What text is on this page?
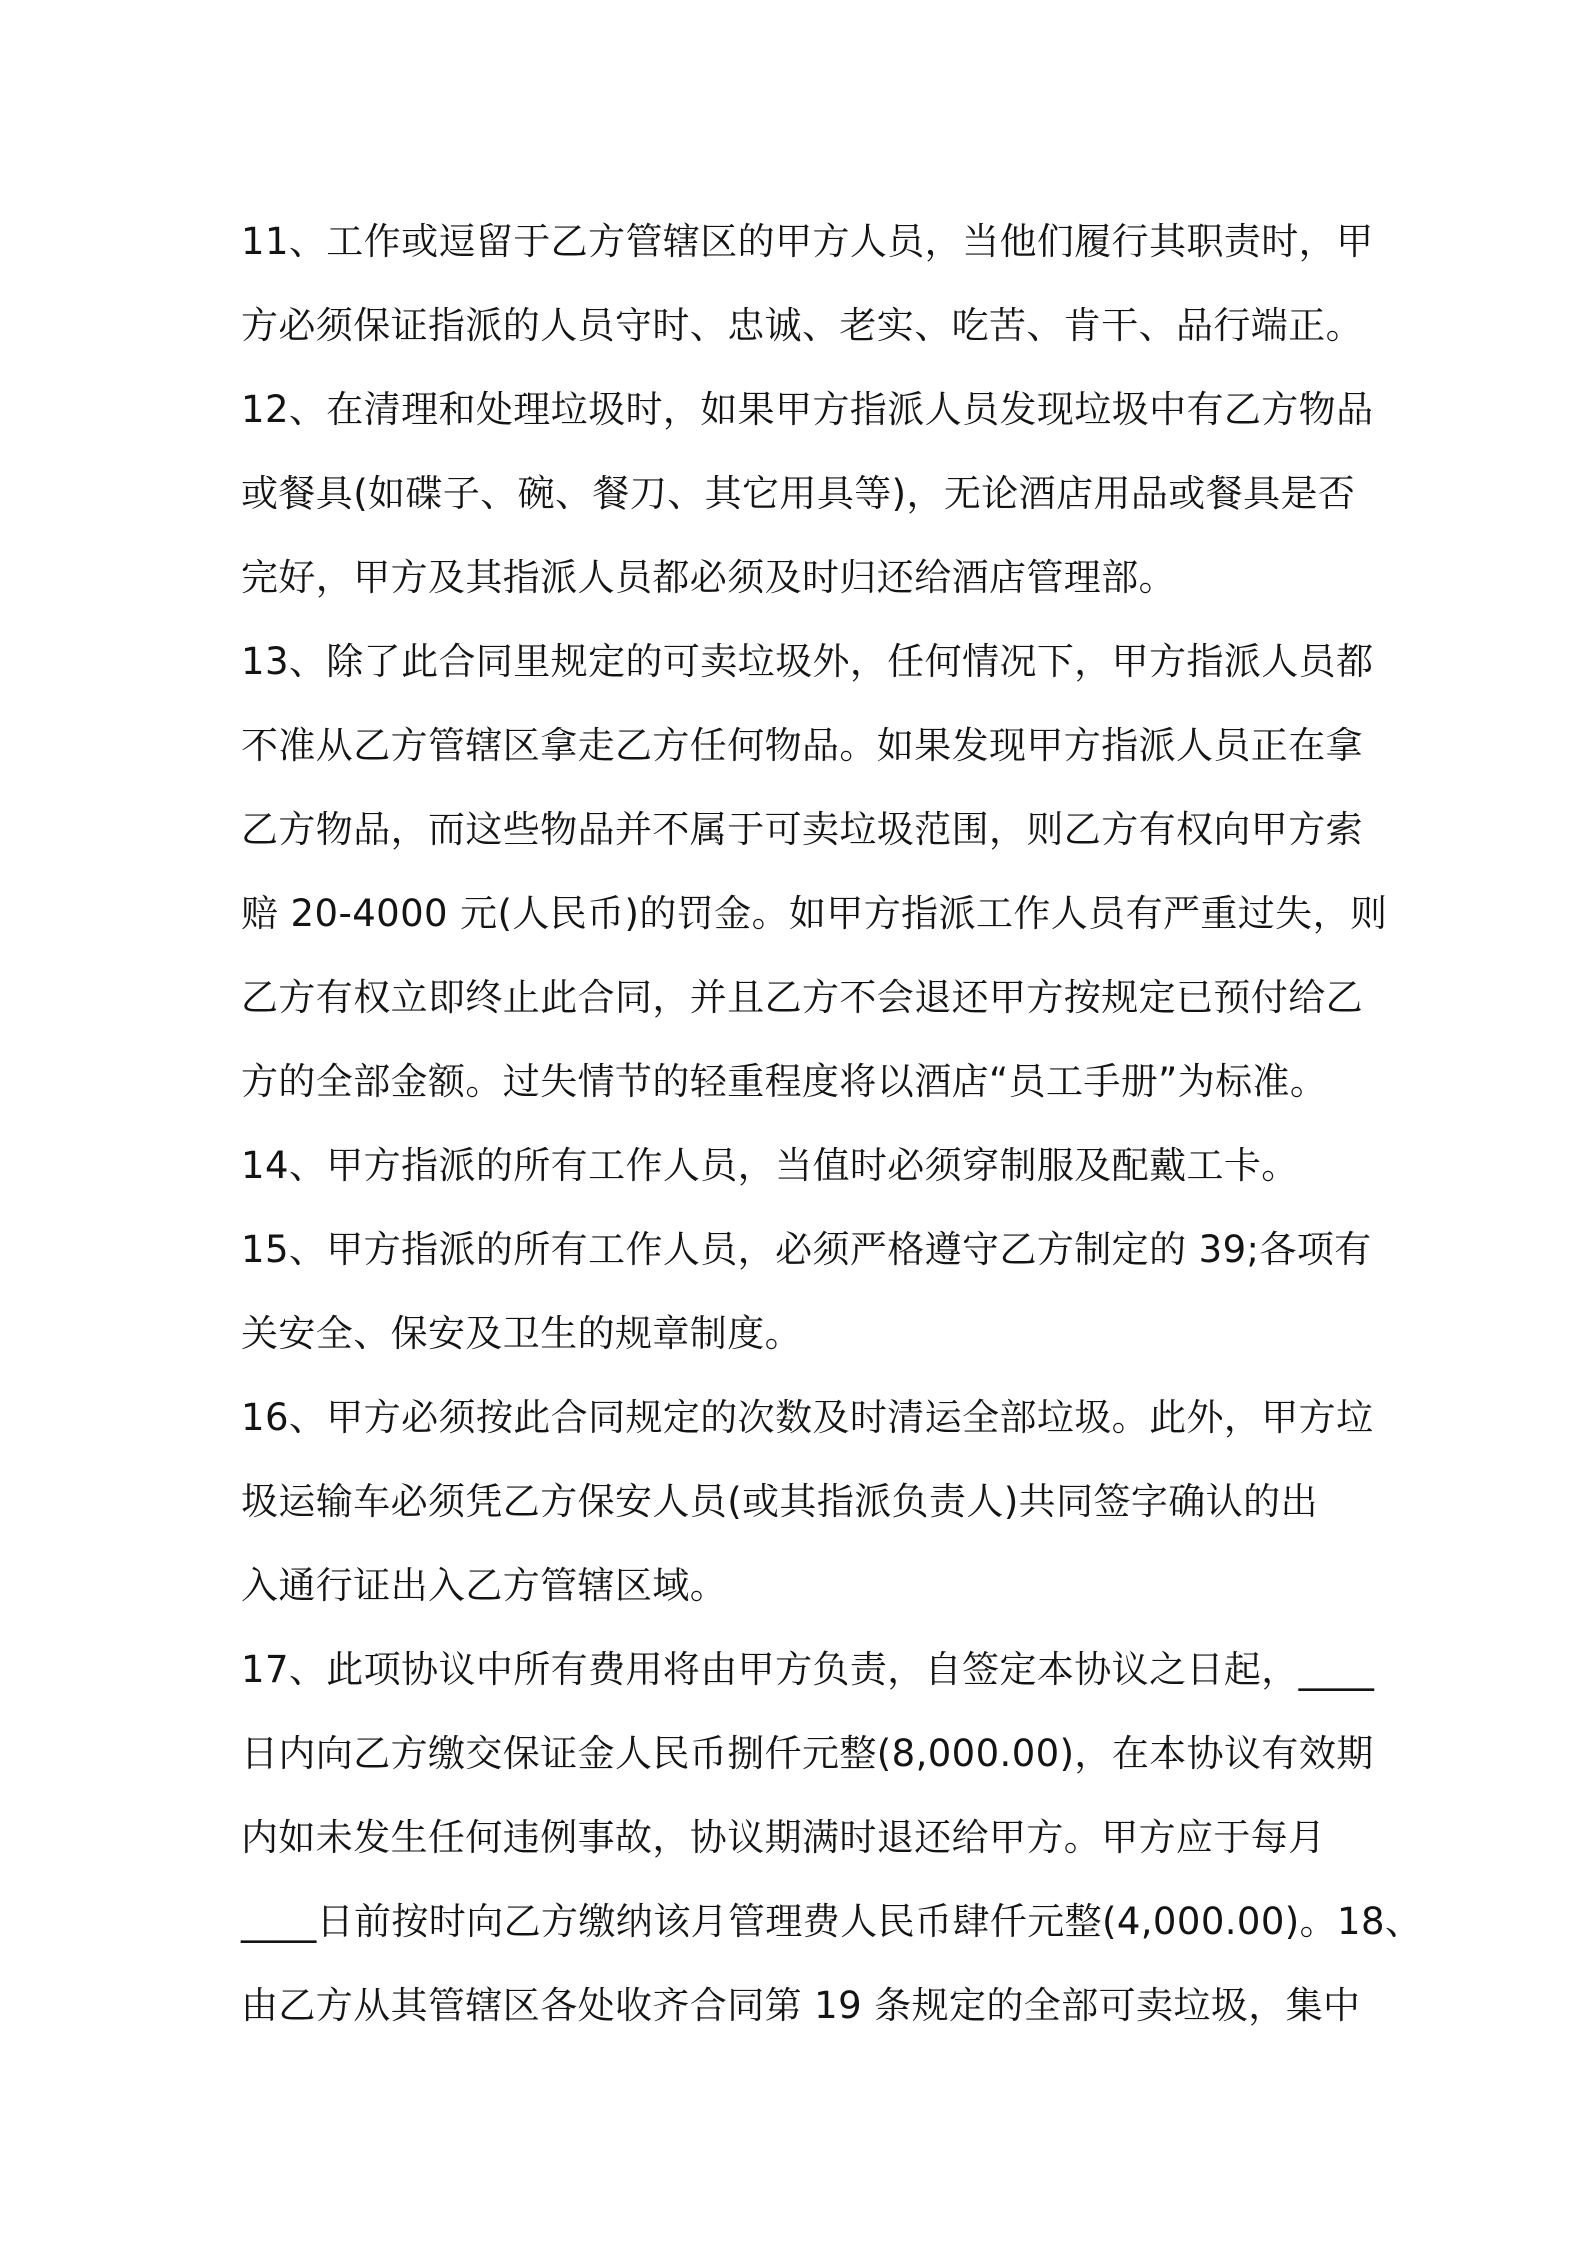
11、工作或逗留于乙方管辖区的甲方人员，当他们履行其职责时，甲
方必须保证指派的人员守时、忠诚、老实、吃苦、肯干、品行端正。
12、在清理和处理垃圾时，如果甲方指派人员发现垃圾中有乙方物品
或餐具(如碟子、碗、餐刀、其它用具等)，无论酒店用品或餐具是否
完好，甲方及其指派人员都必须及时归还给酒店管理部。
13、除了此合同里规定的可卖垃圾外，任何情况下，甲方指派人员都
不准从乙方管辖区拿走乙方任何物品。如果发现甲方指派人员正在拿
乙方物品，而这些物品并不属于可卖垃圾范围，则乙方有权向甲方索
赔 20-4000 元(人民币)的罚金。如甲方指派工作人员有严重过失，则
乙方有权立即终止此合同，并且乙方不会退还甲方按规定已预付给乙
方的全部金额。过失情节的轻重程度将以酒店“员工手册”为标准。
14、甲方指派的所有工作人员，当值时必须穿制服及配戴工卡。
15、甲方指派的所有工作人员，必须严格遵守乙方制定的 39;各项有
关安全、保安及卫生的规章制度。
16、甲方必须按此合同规定的次数及时清运全部垃圾。此外，甲方垃
圾运输车必须凭乙方保安人员(或其指派负责人)共同签字确认的出
入通行证出入乙方管辖区域。
17、此项协议中所有费用将由甲方负责，自签定本协议之日起，____
日内向乙方缴交保证金人民币捌仟元整(8,000.00)，在本协议有效期
内如未发生任何违例事故，协议期满时退还给甲方。甲方应于每月
____日前按时向乙方缴纳该月管理费人民币肆仟元整(4,000.00)。18、
由乙方从其管辖区各处收齐合同第 19 条规定的全部可卖垃圾，集中
